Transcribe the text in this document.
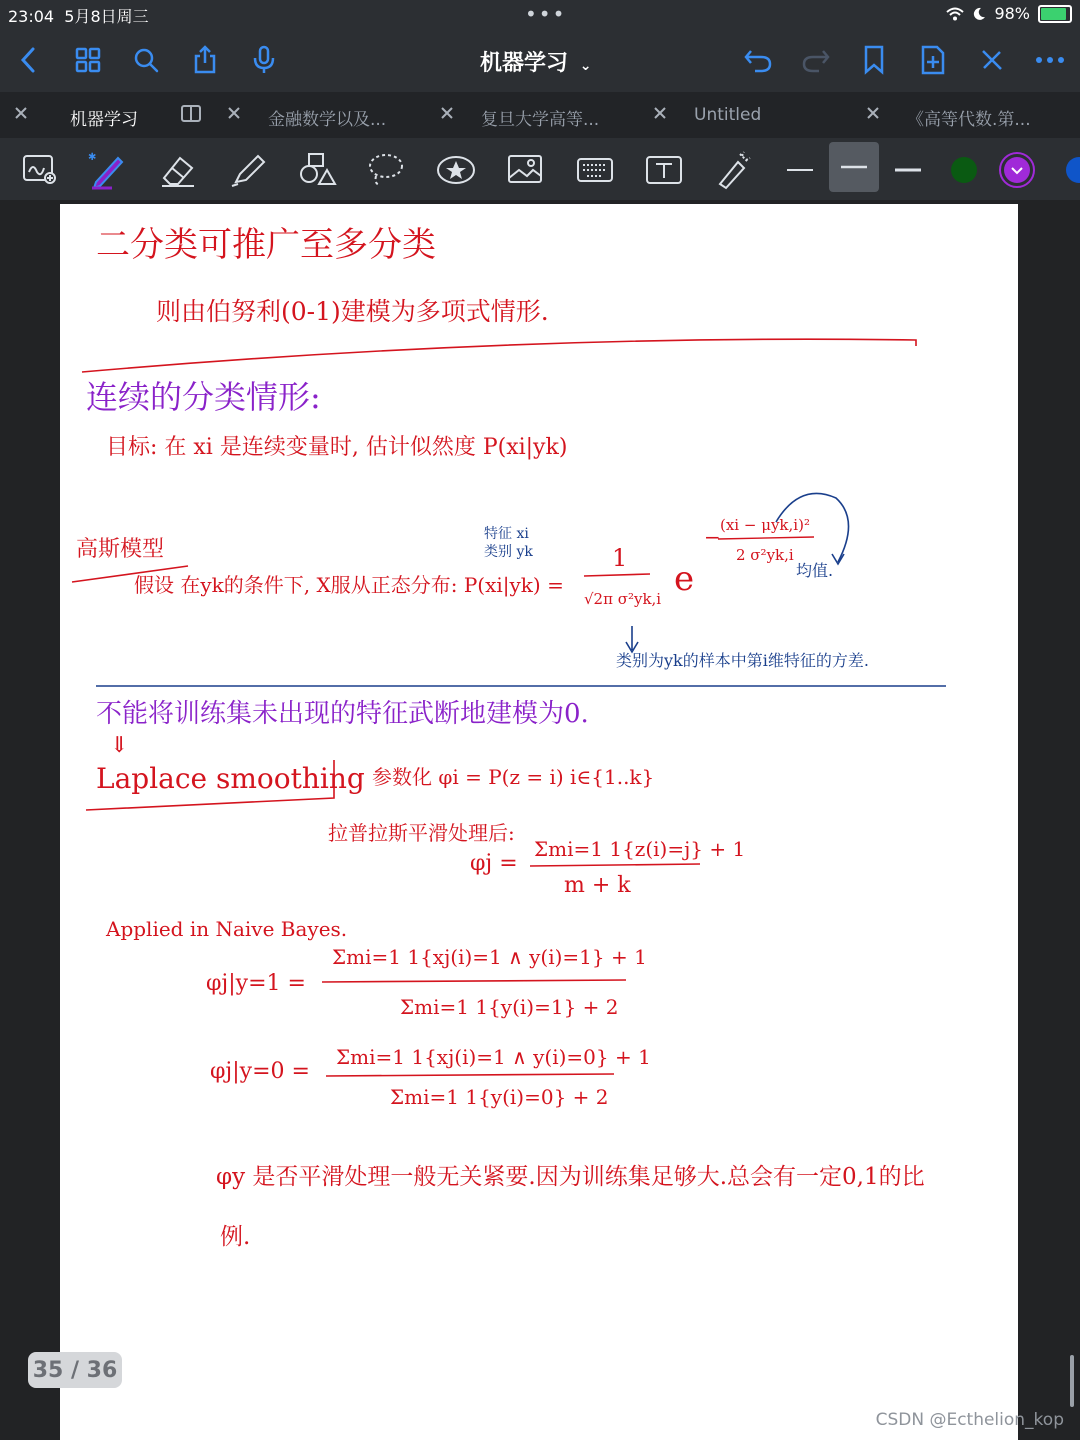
23:04 5月8日周三	•••	98%
机器学习 ⌄
机器学习	金融数学以及...	复旦大学高等...	Untitled	《高等代数.第...
✱
二分类可推广至多分类
则由伯努利(0-1)建模为多项式情形.
连续的分类情形:
目标: 在 xi 是连续变量时, 估计似然度 P(xi|yk)
高斯模型
特征 xi
类别 yk
假设 在yk的条件下, X服从正态分布: P(xi|yk) =
1
√2π σ²yk,i e
− (xi − μyk,i)²
2 σ²yk,i
均值.
类别为yk的样本中第i维特征的方差.
不能将训练集未出现的特征武断地建模为0.
⇓
Laplace smoothing 参数化 φi = P(z = i) i∈{1..k}
拉普拉斯平滑处理后:
φj =
Σmi=1 1{z(i)=j} + 1
m + k
Applied in Naive Bayes.
φj|y=1 =
Σmi=1 1{xj(i)=1 ∧ y(i)=1} + 1
Σmi=1 1{y(i)=1} + 2
φj|y=0 =
Σmi=1 1{xj(i)=1 ∧ y(i)=0} + 1
Σmi=1 1{y(i)=0} + 2
φy 是否平滑处理一般无关紧要.因为训练集足够大.总会有一定0,1的比
例.
35 / 36
CSDN @Ecthelion_kop
